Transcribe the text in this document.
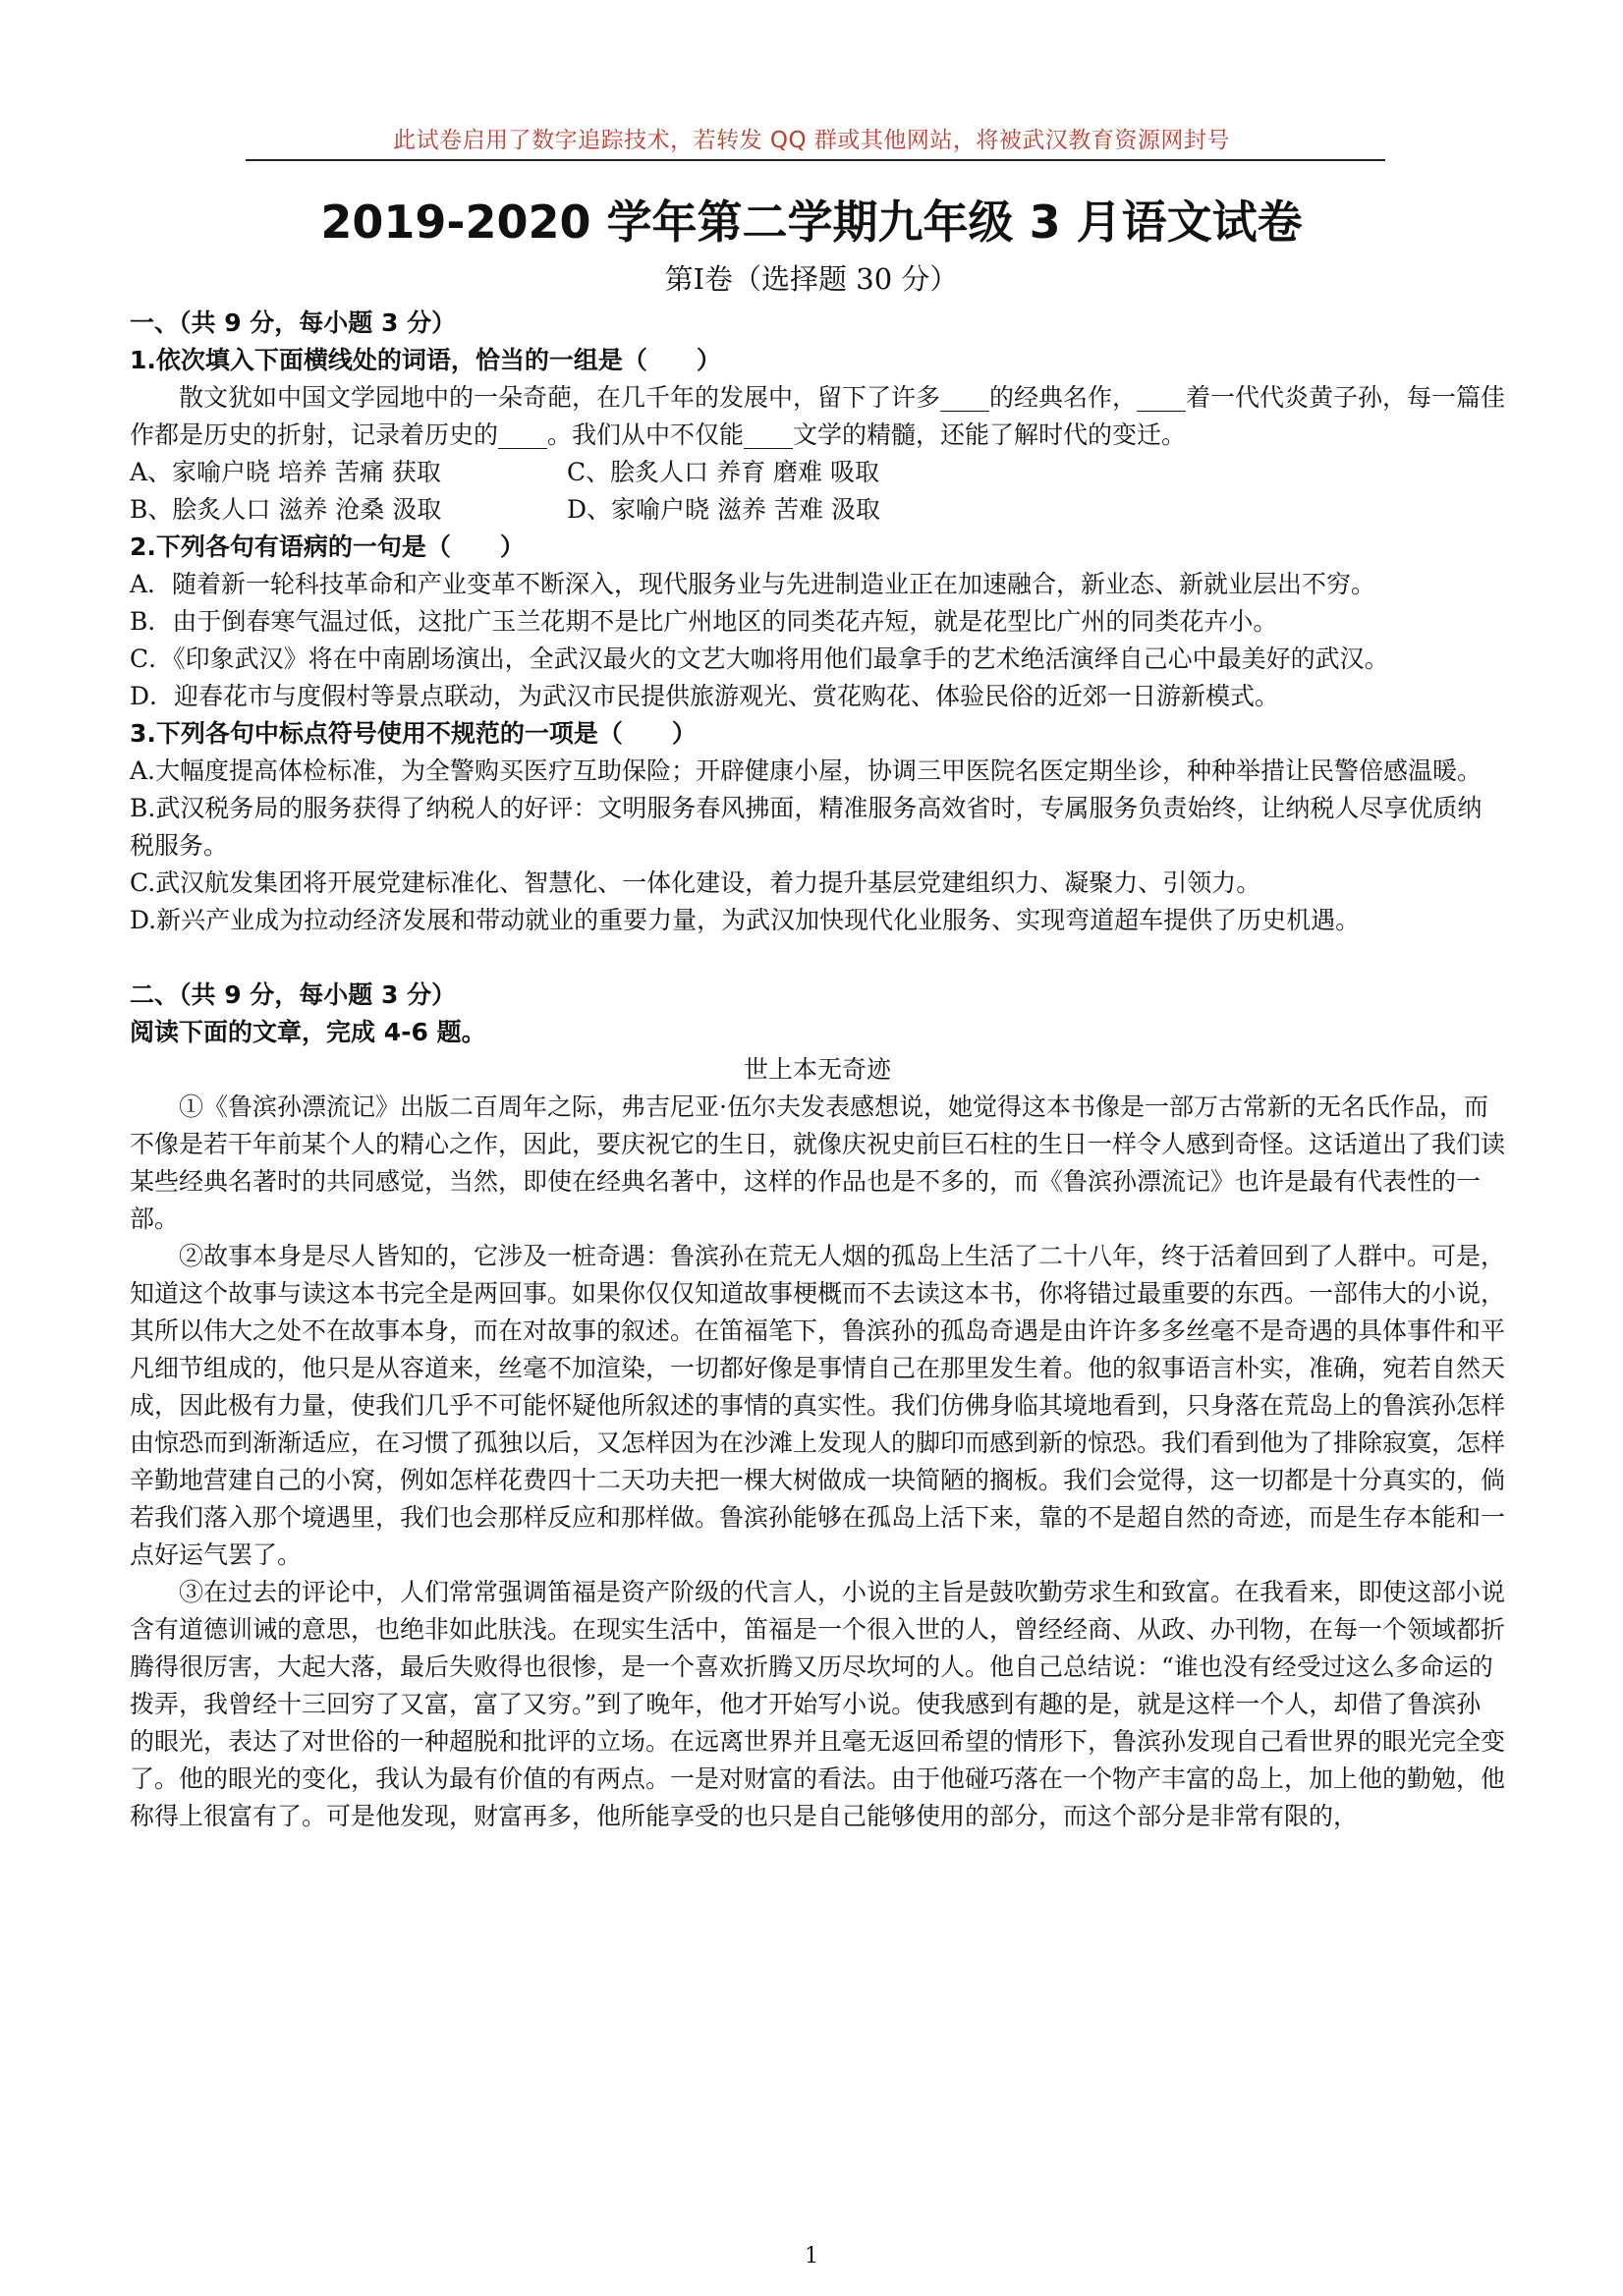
此试卷启用了数字追踪技术，若转发 QQ 群或其他网站，将被武汉教育资源网封号
2019-2020 学年第二学期九年级 3 月语文试卷
第Ⅰ卷（选择题 30 分）

一、（共 9 分，每小题 3 分）

1.依次填入下面横线处的词语，恰当的一组是（　　）

散文犹如中国文学园地中的一朵奇葩，在几千年的发展中，留下了许多____的经典名作，____着一代代炎黄子孙，每一篇佳作都是历史的折射，记录着历史的____。我们从中不仅能____文学的精髓，还能了解时代的变迁。

A、家喻户晓 培养 苦痛 获取	C、脍炙人口 养育 磨难 吸取
B、脍炙人口 滋养 沧桑 汲取	D、家喻户晓 滋养 苦难 汲取

2.下列各句有语病的一句是（　　）

A．随着新一轮科技革命和产业变革不断深入，现代服务业与先进制造业正在加速融合，新业态、新就业层出不穷。

B．由于倒春寒气温过低，这批广玉兰花期不是比广州地区的同类花卉短，就是花型比广州的同类花卉小。

C．《印象武汉》将在中南剧场演出，全武汉最火的文艺大咖将用他们最拿手的艺术绝活演绎自己心中最美好的武汉。

D．迎春花市与度假村等景点联动，为武汉市民提供旅游观光、赏花购花、体验民俗的近郊一日游新模式。

3.下列各句中标点符号使用不规范的一项是（　　）

A.大幅度提高体检标准，为全警购买医疗互助保险；开辟健康小屋，协调三甲医院名医定期坐诊，种种举措让民警倍感温暖。

B.武汉税务局的服务获得了纳税人的好评：文明服务春风拂面，精准服务高效省时，专属服务负责始终，让纳税人尽享优质纳税服务。

C.武汉航发集团将开展党建标准化、智慧化、一体化建设，着力提升基层党建组织力、凝聚力、引领力。

D.新兴产业成为拉动经济发展和带动就业的重要力量，为武汉加快现代化业服务、实现弯道超车提供了历史机遇。

二、（共 9 分，每小题 3 分）

阅读下面的文章，完成 4-6 题。

世上本无奇迹

①《鲁滨孙漂流记》出版二百周年之际，弗吉尼亚·伍尔夫发表感想说，她觉得这本书像是一部万古常新的无名氏作品，而不像是若干年前某个人的精心之作，因此，要庆祝它的生日，就像庆祝史前巨石柱的生日一样令人感到奇怪。这话道出了我们读某些经典名著时的共同感觉，当然，即使在经典名著中，这样的作品也是不多的，而《鲁滨孙漂流记》也许是最有代表性的一部。

②故事本身是尽人皆知的，它涉及一桩奇遇：鲁滨孙在荒无人烟的孤岛上生活了二十八年，终于活着回到了人群中。可是，知道这个故事与读这本书完全是两回事。如果你仅仅知道故事梗概而不去读这本书，你将错过最重要的东西。一部伟大的小说，其所以伟大之处不在故事本身，而在对故事的叙述。在笛福笔下，鲁滨孙的孤岛奇遇是由许许多多丝毫不是奇遇的具体事件和平凡细节组成的，他只是从容道来，丝毫不加渲染，一切都好像是事情自己在那里发生着。他的叙事语言朴实，准确，宛若自然天成，因此极有力量，使我们几乎不可能怀疑他所叙述的事情的真实性。我们仿佛身临其境地看到，只身落在荒岛上的鲁滨孙怎样由惊恐而到渐渐适应，在习惯了孤独以后，又怎样因为在沙滩上发现人的脚印而感到新的惊恐。我们看到他为了排除寂寞，怎样辛勤地营建自己的小窝，例如怎样花费四十二天功夫把一棵大树做成一块简陋的搁板。我们会觉得，这一切都是十分真实的，倘若我们落入那个境遇里，我们也会那样反应和那样做。鲁滨孙能够在孤岛上活下来，靠的不是超自然的奇迹，而是生存本能和一点好运气罢了。

③在过去的评论中，人们常常强调笛福是资产阶级的代言人，小说的主旨是鼓吹勤劳求生和致富。在我看来，即使这部小说含有道德训诫的意思，也绝非如此肤浅。在现实生活中，笛福是一个很入世的人，曾经经商、从政、办刊物，在每一个领域都折腾得很厉害，大起大落，最后失败得也很惨，是一个喜欢折腾又历尽坎坷的人。他自己总结说：“谁也没有经受过这么多命运的拨弄，我曾经十三回穷了又富，富了又穷。”到了晚年，他才开始写小说。使我感到有趣的是，就是这样一个人，却借了鲁滨孙的眼光，表达了对世俗的一种超脱和批评的立场。在远离世界并且毫无返回希望的情形下，鲁滨孙发现自己看世界的眼光完全变了。他的眼光的变化，我认为最有价值的有两点。一是对财富的看法。由于他碰巧落在一个物产丰富的岛上，加上他的勤勉，他称得上很富有了。可是他发现，财富再多，他所能享受的也只是自己能够使用的部分，而这个部分是非常有限的，

1
